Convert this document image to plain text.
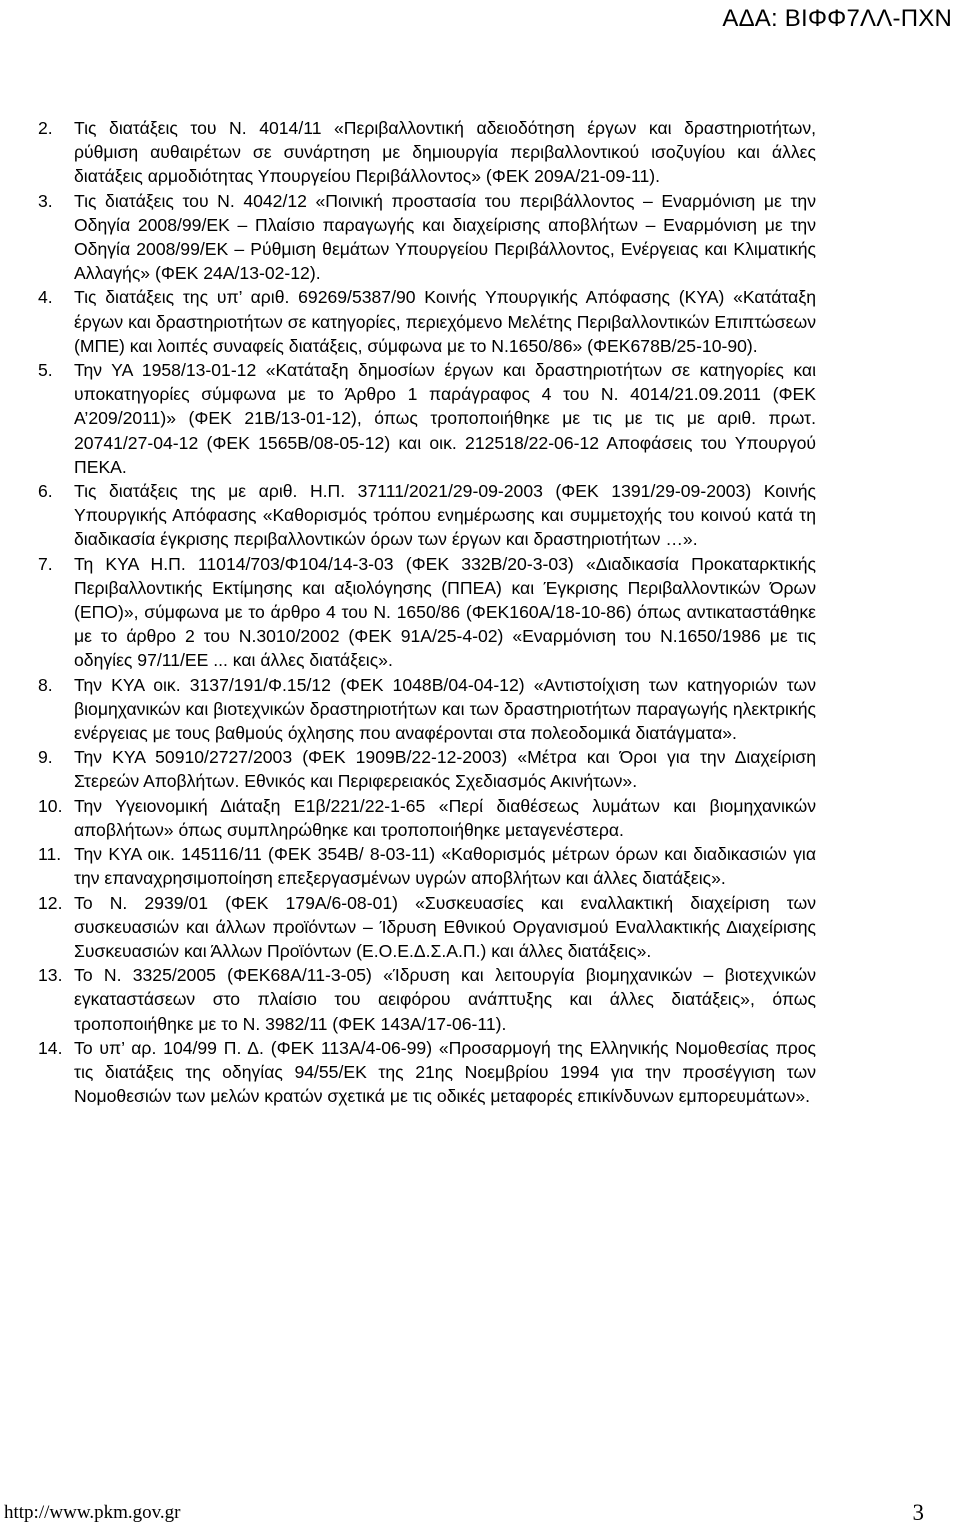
ΑΔΑ: ΒΙΦΦ7ΛΛ-ΠΧΝ
2.	Τις διατάξεις του Ν. 4014/11 «Περιβαλλοντική αδειοδότηση έργων και δραστηριοτήτων, ρύθμιση αυθαιρέτων σε συνάρτηση με δημιουργία περιβαλλοντικού ισοζυγίου και άλλες διατάξεις αρμοδιότητας Υπουργείου Περιβάλλοντος» (ΦΕΚ 209Α/21-09-11).
3.	Τις διατάξεις του Ν. 4042/12 «Ποινική προστασία του περιβάλλοντος – Εναρμόνιση με την Οδηγία 2008/99/ΕΚ – Πλαίσιο παραγωγής και διαχείρισης αποβλήτων – Εναρμόνιση με την Οδηγία 2008/99/ΕΚ – Ρύθμιση θεμάτων Υπουργείου Περιβάλλοντος, Ενέργειας και Κλιματικής Αλλαγής» (ΦΕΚ 24Α/13-02-12).
4.	Τις διατάξεις της υπ’ αριθ. 69269/5387/90 Κοινής Υπουργικής Απόφασης (ΚΥΑ) «Κατάταξη έργων και δραστηριοτήτων σε κατηγορίες, περιεχόμενο Μελέτης Περιβαλλοντικών Επιπτώσεων (ΜΠΕ) και λοιπές συναφείς διατάξεις, σύμφωνα με το Ν.1650/86» (ΦΕΚ678Β/25-10-90).
5.	Την ΥΑ 1958/13-01-12 «Κατάταξη δημοσίων έργων και δραστηριοτήτων σε κατηγορίες και υποκατηγορίες σύμφωνα με το Άρθρο 1 παράγραφος 4 του Ν. 4014/21.09.2011 (ΦΕΚ Α’209/2011)» (ΦΕΚ 21Β/13-01-12), όπως τροποποιήθηκε με τις με τις με αριθ. πρωτ. 20741/27-04-12 (ΦΕΚ 1565Β/08-05-12) και οικ. 212518/22-06-12 Αποφάσεις του Υπουργού ΠΕΚΑ.
6.	Τις διατάξεις της με αριθ. Η.Π. 37111/2021/29-09-2003 (ΦΕΚ 1391/29-09-2003) Κοινής Υπουργικής Απόφασης «Καθορισμός τρόπου ενημέρωσης και συμμετοχής του κοινού κατά τη διαδικασία έγκρισης περιβαλλοντικών όρων των έργων και δραστηριοτήτων …».
7.	Τη ΚΥΑ Η.Π. 11014/703/Φ104/14-3-03 (ΦΕΚ 332Β/20-3-03) «Διαδικασία Προκαταρκτικής Περιβαλλοντικής Εκτίμησης και αξιολόγησης (ΠΠΕΑ) και Έγκρισης Περιβαλλοντικών Όρων (ΕΠΟ)», σύμφωνα με το άρθρο 4 του Ν. 1650/86 (ΦΕΚ160Α/18-10-86) όπως αντικαταστάθηκε με το άρθρο 2 του Ν.3010/2002 (ΦΕΚ 91Α/25-4-02) «Εναρμόνιση του Ν.1650/1986 με τις οδηγίες 97/11/ΕΕ ... και άλλες διατάξεις».
8.	Την ΚΥΑ οικ. 3137/191/Φ.15/12 (ΦΕΚ 1048Β/04-04-12) «Αντιστοίχιση των κατηγοριών των βιομηχανικών και βιοτεχνικών δραστηριοτήτων και των δραστηριοτήτων παραγωγής ηλεκτρικής ενέργειας με τους βαθμούς όχλησης που αναφέρονται στα πολεοδομικά διατάγματα».
9.	Την ΚΥΑ 50910/2727/2003 (ΦΕΚ 1909Β/22-12-2003) «Μέτρα και Όροι για την Διαχείριση Στερεών Αποβλήτων. Εθνικός και Περιφερειακός Σχεδιασμός Ακινήτων».
10. Την Υγειονομική Διάταξη Ε1β/221/22-1-65 «Περί διαθέσεως λυμάτων και βιομηχανικών αποβλήτων» όπως συμπληρώθηκε και τροποποιήθηκε μεταγενέστερα.
11. Την ΚΥΑ οικ. 145116/11 (ΦΕΚ 354Β/ 8-03-11) «Καθορισμός μέτρων όρων και διαδικασιών για την επαναχρησιμοποίηση επεξεργασμένων υγρών αποβλήτων και άλλες διατάξεις».
12. Το Ν. 2939/01 (ΦΕΚ 179Α/6-08-01) «Συσκευασίες και εναλλακτική διαχείριση των συσκευασιών και άλλων προϊόντων – Ίδρυση Εθνικού Οργανισμού Εναλλακτικής Διαχείρισης Συσκευασιών και Άλλων Προϊόντων (Ε.Ο.Ε.Δ.Σ.Α.Π.) και άλλες διατάξεις».
13. Το Ν. 3325/2005 (ΦΕΚ68Α/11-3-05) «Ίδρυση και λειτουργία βιομηχανικών – βιοτεχνικών εγκαταστάσεων στο πλαίσιο του αειφόρου ανάπτυξης και άλλες διατάξεις», όπως τροποποιήθηκε με το Ν. 3982/11 (ΦΕΚ 143Α/17-06-11).
14. Το υπ’ αρ. 104/99 Π. Δ. (ΦΕΚ 113Α/4-06-99) «Προσαρμογή της Ελληνικής Νομοθεσίας προς τις διατάξεις της οδηγίας 94/55/ΕΚ της 21ης Νοεμβρίου 1994 για την προσέγγιση των Νομοθεσιών των μελών κρατών σχετικά με τις οδικές μεταφορές επικίνδυνων εμπορευμάτων».
http://www.pkm.gov.gr	3
